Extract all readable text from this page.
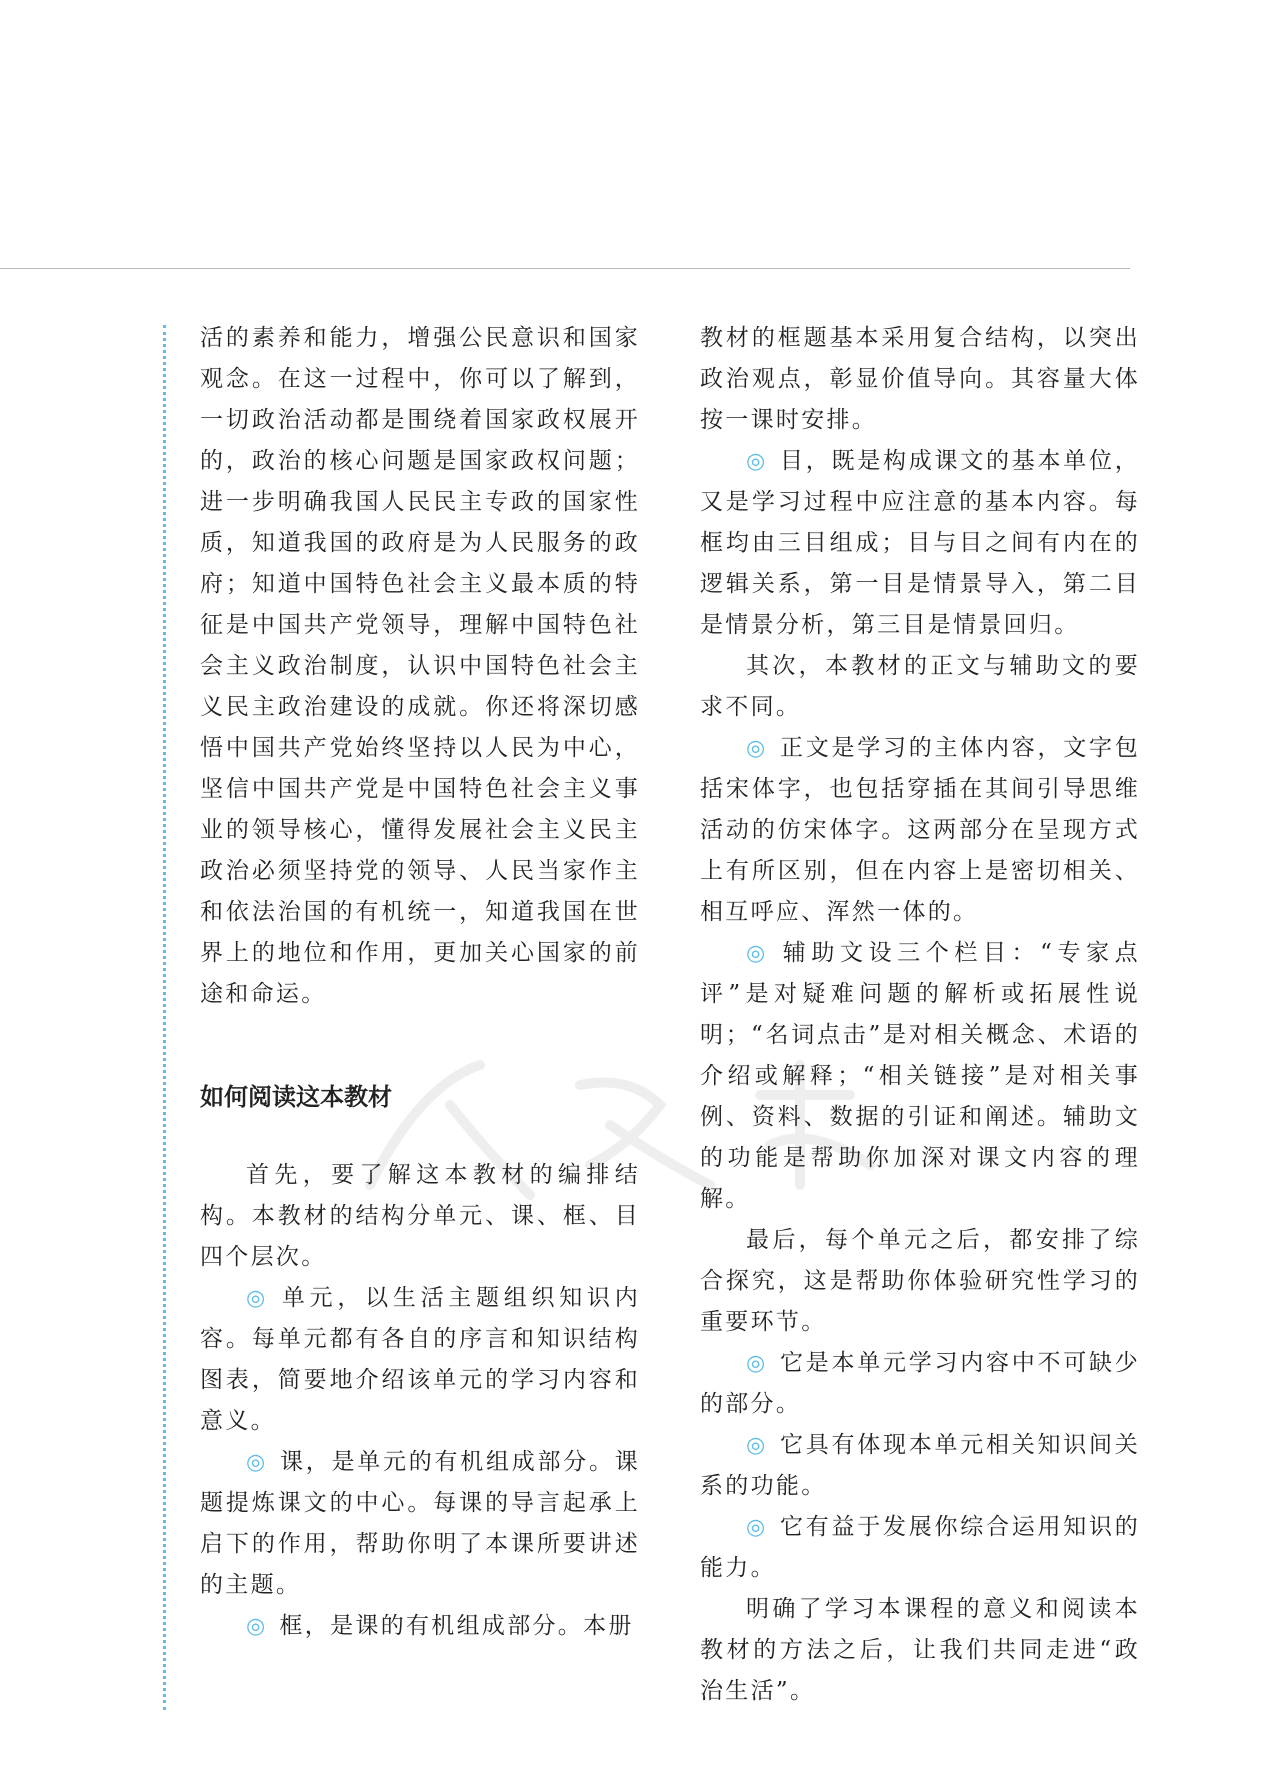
活的素养和能力，增强公民意识和国家观念。在这一过程中，你可以了解到，一切政治活动都是围绕着国家政权展开的，政治的核心问题是国家政权问题；进一步明确我国人民民主专政的国家性质，知道我国的政府是为人民服务的政府；知道中国特色社会主义最本质的特征是中国共产党领导，理解中国特色社会主义政治制度，认识中国特色社会主义民主政治建设的成就。你还将深切感悟中国共产党始终坚持以人民为中心，坚信中国共产党是中国特色社会主义事业的领导核心，懂得发展社会主义民主政治必须坚持党的领导、人民当家作主和依法治国的有机统一，知道我国在世界上的地位和作用，更加关心国家的前途和命运。

如何阅读这本教材

首先，要了解这本教材的编排结构。本教材的结构分单元、课、框、目四个层次。

◎ 单元，以生活主题组织知识内容。每单元都有各自的序言和知识结构图表，简要地介绍该单元的学习内容和意义。

◎ 课，是单元的有机组成部分。课题提炼课文的中心。每课的导言起承上启下的作用，帮助你明了本课所要讲述的主题。

◎ 框，是课的有机组成部分。本册

教材的框题基本采用复合结构，以突出政治观点，彰显价值导向。其容量大体按一课时安排。

◎ 目，既是构成课文的基本单位，又是学习过程中应注意的基本内容。每框均由三目组成；目与目之间有内在的逻辑关系，第一目是情景导入，第二目是情景分析，第三目是情景回归。

其次，本教材的正文与辅助文的要求不同。

◎ 正文是学习的主体内容，文字包括宋体字，也包括穿插在其间引导思维活动的仿宋体字。这两部分在呈现方式上有所区别，但在内容上是密切相关、相互呼应、浑然一体的。

◎ 辅助文设三个栏目：“专家点评”是对疑难问题的解析或拓展性说明；“名词点击”是对相关概念、术语的介绍或解释；“相关链接”是对相关事例、资料、数据的引证和阐述。辅助文的功能是帮助你加深对课文内容的理解。

最后，每个单元之后，都安排了综合探究，这是帮助你体验研究性学习的重要环节。

◎ 它是本单元学习内容中不可缺少的部分。

◎ 它具有体现本单元相关知识间关系的功能。

◎ 它有益于发展你综合运用知识的能力。

明确了学习本课程的意义和阅读本教材的方法之后，让我们共同走进“政治生活”。
